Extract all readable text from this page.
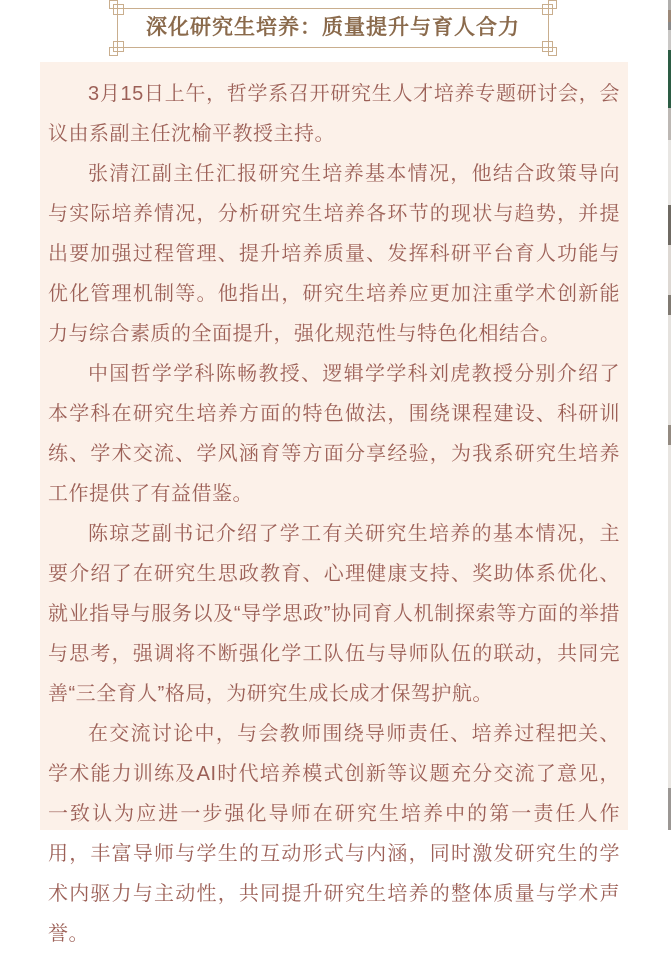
深化研究生培养：质量提升与育人合力

3月15日上午，哲学系召开研究生人才培养专题研讨会，会议由系副主任沈榆平教授主持。

张清江副主任汇报研究生培养基本情况，他结合政策导向与实际培养情况，分析研究生培养各环节的现状与趋势，并提出要加强过程管理、提升培养质量、发挥科研平台育人功能与优化管理机制等。他指出，研究生培养应更加注重学术创新能力与综合素质的全面提升，强化规范性与特色化相结合。

中国哲学学科陈畅教授、逻辑学学科刘虎教授分别介绍了本学科在研究生培养方面的特色做法，围绕课程建设、科研训练、学术交流、学风涵育等方面分享经验，为我系研究生培养工作提供了有益借鉴。

陈琼芝副书记介绍了学工有关研究生培养的基本情况，主要介绍了在研究生思政教育、心理健康支持、奖助体系优化、就业指导与服务以及“导学思政”协同育人机制探索等方面的举措与思考，强调将不断强化学工队伍与导师队伍的联动，共同完善“三全育人”格局，为研究生成长成才保驾护航。

在交流讨论中，与会教师围绕导师责任、培养过程把关、学术能力训练及AI时代培养模式创新等议题充分交流了意见，一致认为应进一步强化导师在研究生培养中的第一责任人作用，丰富导师与学生的互动形式与内涵，同时激发研究生的学术内驱力与主动性，共同提升研究生培养的整体质量与学术声誉。
